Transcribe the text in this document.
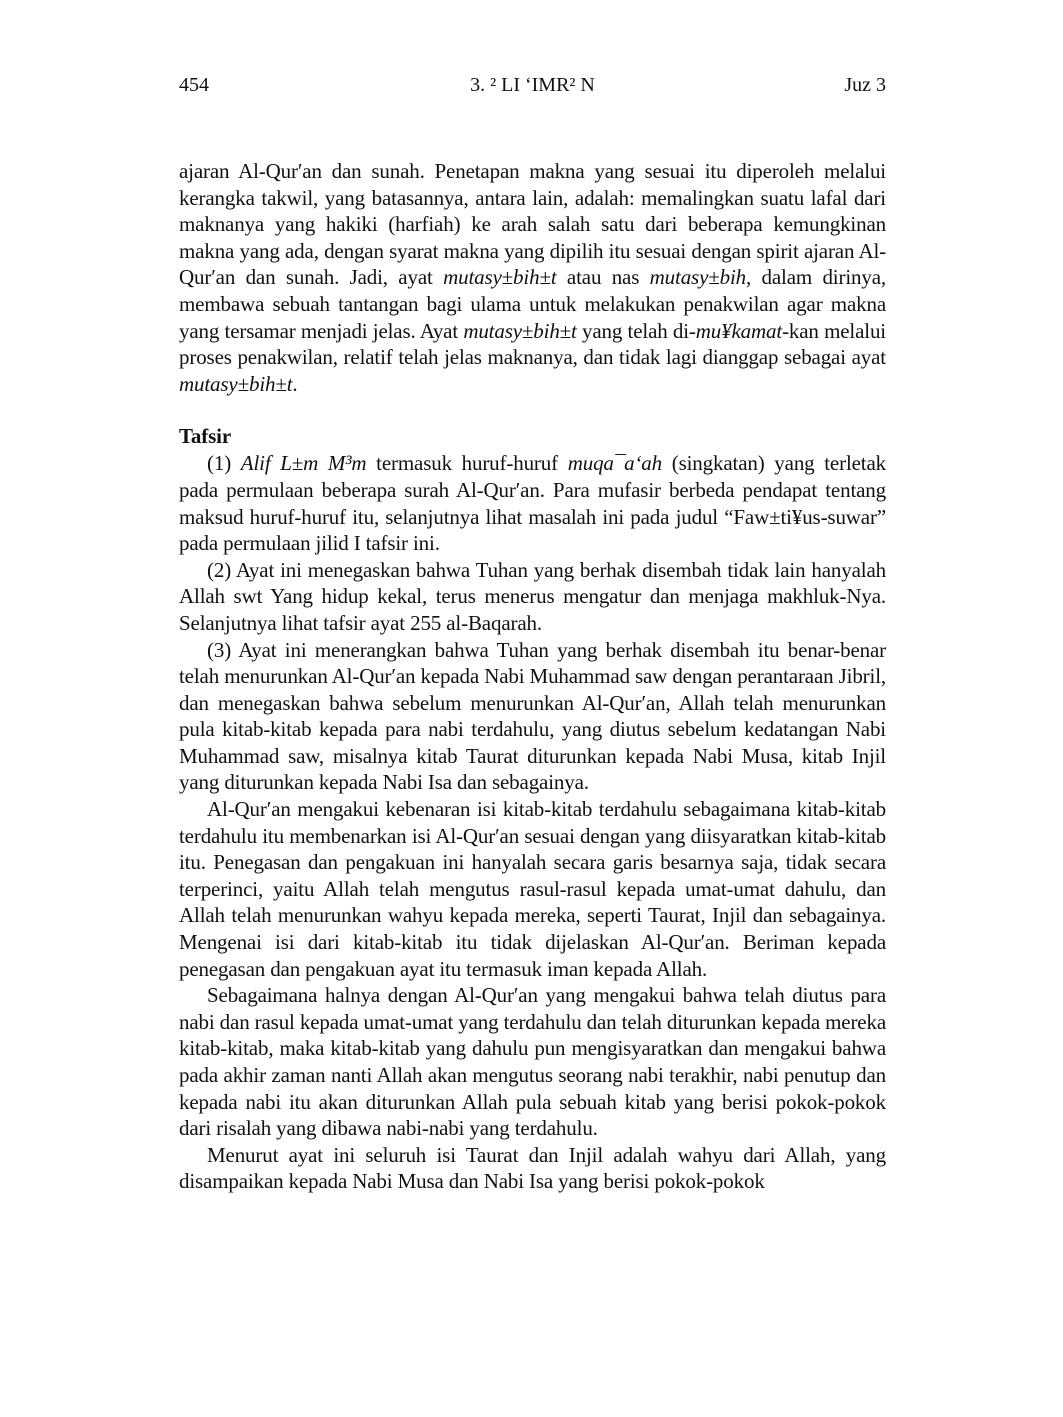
454	3. ² LI ‘IMR² N	Juz 3

ajaran Al-Qur′an dan sunah. Penetapan makna yang sesuai itu diperoleh melalui kerangka takwil, yang batasannya, antara lain, adalah: memalingkan suatu lafal dari maknanya yang hakiki (harfiah) ke arah salah satu dari beberapa kemungkinan makna yang ada, dengan syarat makna yang dipilih itu sesuai dengan spirit ajaran Al-Qur′an dan sunah. Jadi, ayat mutasy±bih±t atau nas mutasy±bih, dalam dirinya, membawa sebuah tantangan bagi ulama untuk melakukan penakwilan agar makna yang tersamar menjadi jelas. Ayat mutasy±bih±t yang telah di-mu¥kamat-kan melalui proses penakwilan, relatif telah jelas maknanya, dan tidak lagi dianggap sebagai ayat mutasy±bih±t.

Tafsir

(1) Alif L±m M³m termasuk huruf-huruf muqa¯a‘ah (singkatan) yang terletak pada permulaan beberapa surah Al-Qur′an. Para mufasir berbeda pendapat tentang maksud huruf-huruf itu, selanjutnya lihat masalah ini pada judul “Faw±ti¥us-suwar” pada permulaan jilid I tafsir ini.

(2) Ayat ini menegaskan bahwa Tuhan yang berhak disembah tidak lain hanyalah Allah swt Yang hidup kekal, terus menerus mengatur dan menjaga makhluk-Nya. Selanjutnya lihat tafsir ayat 255 al-Baqarah.

(3) Ayat ini menerangkan bahwa Tuhan yang berhak disembah itu benar-benar telah menurunkan Al-Qur′an kepada Nabi Muhammad saw dengan perantaraan Jibril, dan menegaskan bahwa sebelum menurunkan Al-Qur′an, Allah telah menurunkan pula kitab-kitab kepada para nabi terdahulu, yang diutus sebelum kedatangan Nabi Muhammad saw, misalnya kitab Taurat diturunkan kepada Nabi Musa, kitab Injil yang diturunkan kepada Nabi Isa dan sebagainya.

Al-Qur′an mengakui kebenaran isi kitab-kitab terdahulu sebagaimana kitab-kitab terdahulu itu membenarkan isi Al-Qur′an sesuai dengan yang diisyaratkan kitab-kitab itu. Penegasan dan pengakuan ini hanyalah secara garis besarnya saja, tidak secara terperinci, yaitu Allah telah mengutus rasul-rasul kepada umat-umat dahulu, dan Allah telah menurunkan wahyu kepada mereka, seperti Taurat, Injil dan sebagainya. Mengenai isi dari kitab-kitab itu tidak dijelaskan Al-Qur′an. Beriman kepada penegasan dan pengakuan ayat itu termasuk iman kepada Allah.

Sebagaimana halnya dengan Al-Qur′an yang mengakui bahwa telah diutus para nabi dan rasul kepada umat-umat yang terdahulu dan telah diturunkan kepada mereka kitab-kitab, maka kitab-kitab yang dahulu pun mengisyaratkan dan mengakui bahwa pada akhir zaman nanti Allah akan mengutus seorang nabi terakhir, nabi penutup dan kepada nabi itu akan diturunkan Allah pula sebuah kitab yang berisi pokok-pokok dari risalah yang dibawa nabi-nabi yang terdahulu.

Menurut ayat ini seluruh isi Taurat dan Injil adalah wahyu dari Allah, yang disampaikan kepada Nabi Musa dan Nabi Isa yang berisi pokok-pokok
